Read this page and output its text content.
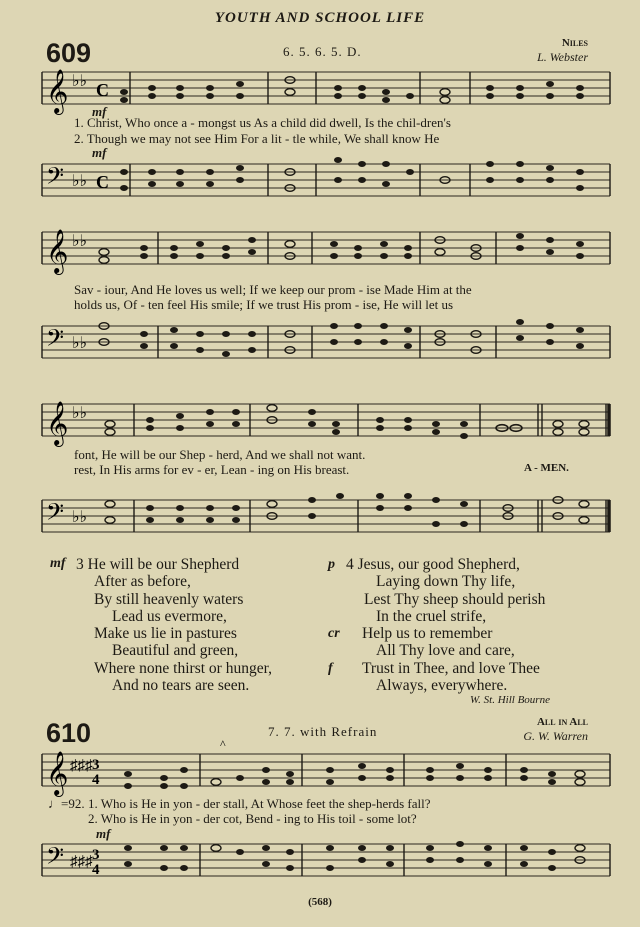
YOUTH AND SCHOOL LIFE
609	6. 5. 6. 5. D.
Niles
L. Webster
𝄞 ♭♭ C
mf
1. Christ, Who once a - mongst us As a child did dwell, Is the chil-dren's
2. Though we may not see Him For a lit - tle while, We shall know He
mf
𝄢 ♭♭ C
𝄞 ♭♭
Sav - iour, And He loves us well; If we keep our prom - ise Made Him at the
holds us, Of - ten feel His smile; If we trust His prom - ise, He will let us
𝄢 ♭♭
𝄞 ♭♭
font, He will be our Shep - herd, And we shall not want.
rest, In His arms for ev - er, Lean - ing on His breast.	A - MEN.
𝄢 ♭♭
mf 3 He will be our Shepherd
After as before,
By still heavenly waters
Lead us evermore,
Make us lie in pastures
Beautiful and green,
Where none thirst or hunger,
And no tears are seen.
p

cr

f

4 Jesus, our good Shepherd,
Laying down Thy life,
Lest Thy sheep should perish
In the cruel strife,
Help us to remember
All Thy love and care,
Trust in Thee, and love Thee
Always, everywhere.
W. St. Hill Bourne
610	7. 7. with Refrain
All in All
G. W. Warren
𝄞 ♯♯♯ 3
4
^
♩=92. 1. Who is He in yon - der stall, At Whose feet the shep-herds fall?
2. Who is He in yon - der cot, Bend - ing to His toil - some lot?
mf
𝄢 ♯♯♯ 3
4
(568)
